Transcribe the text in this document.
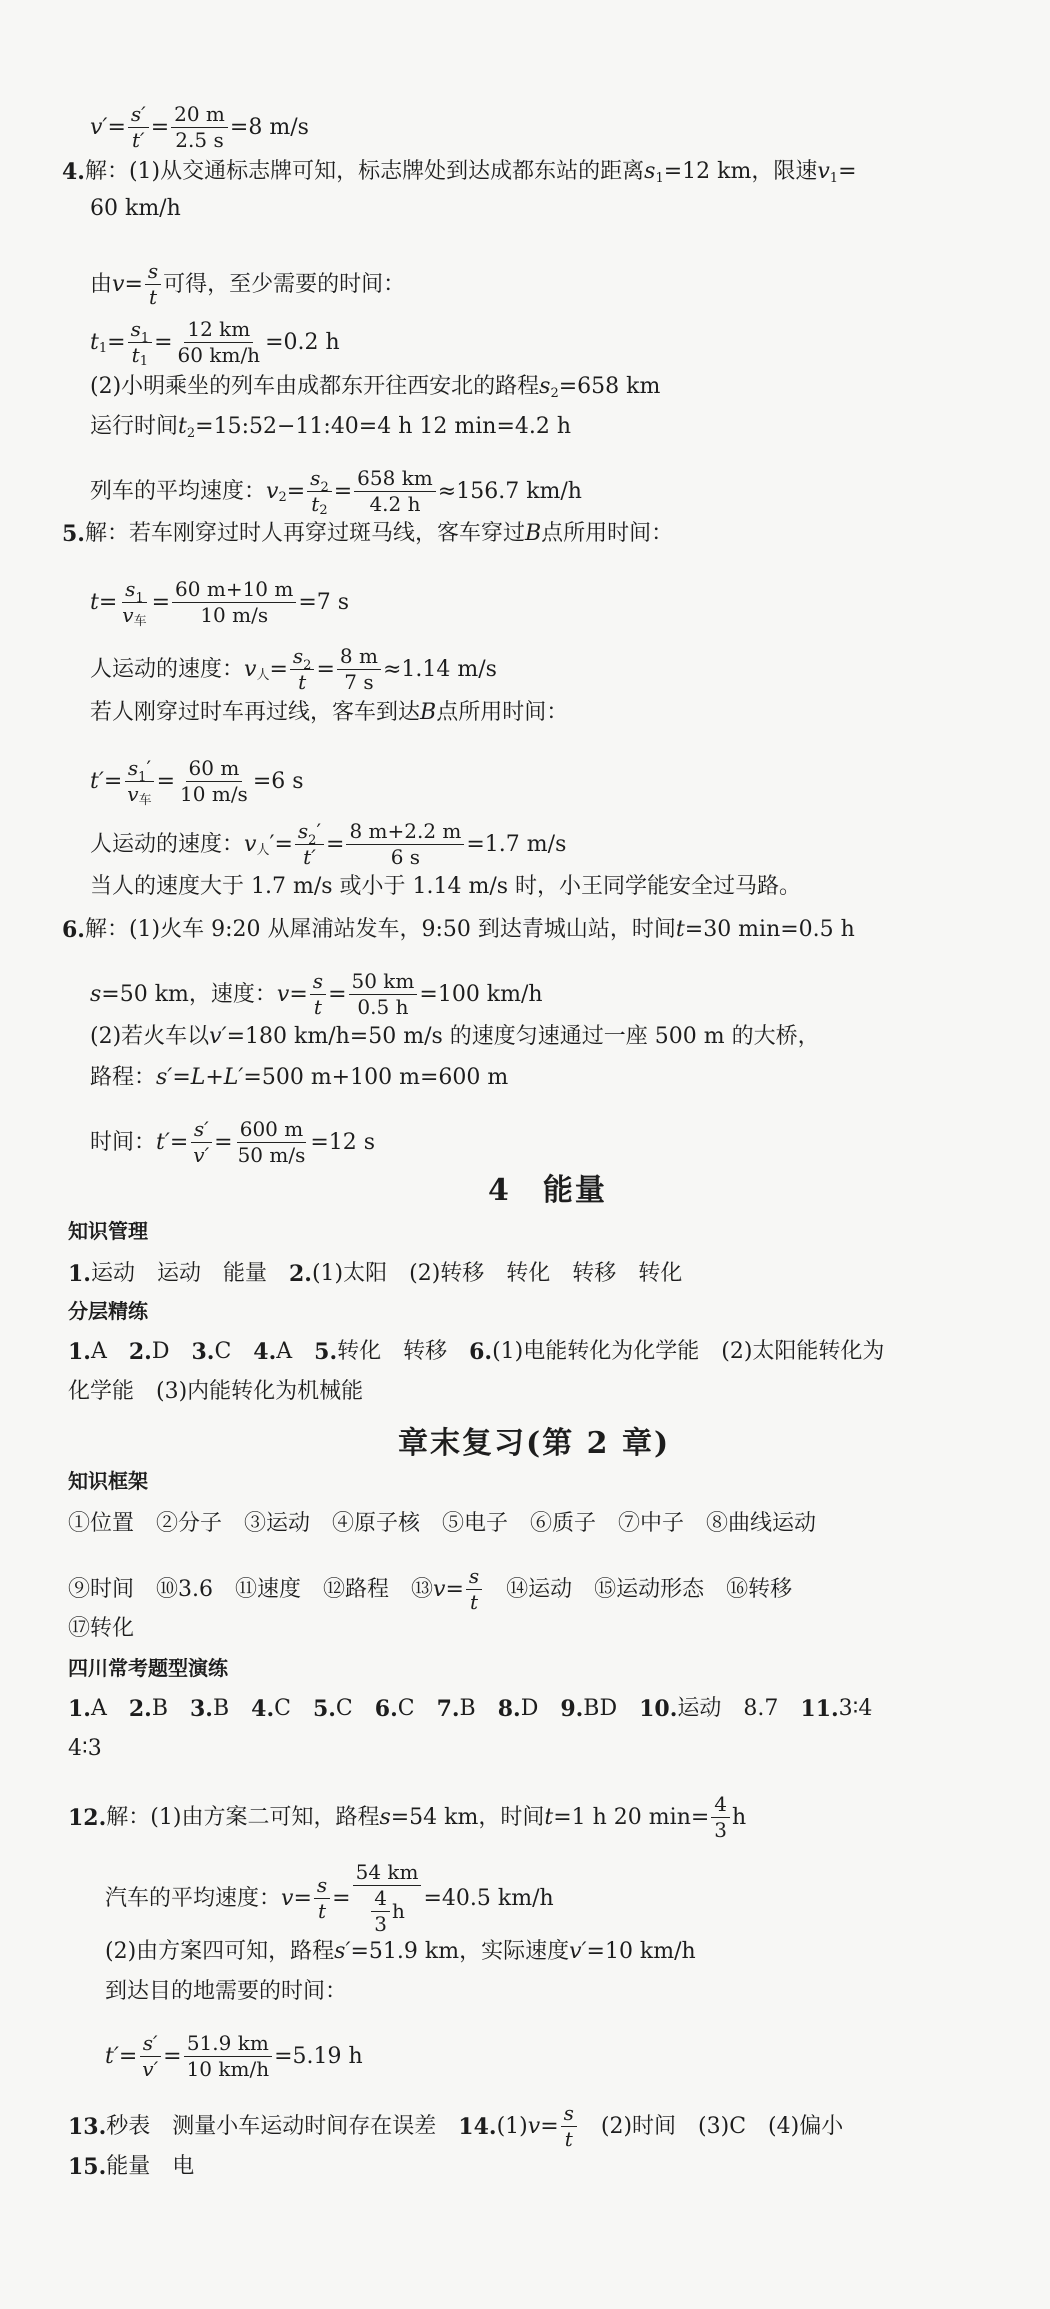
$v' = \frac{s'}{t'} = \frac{20 m}{2.5 s} =8$ m/s
4. 解：(1)从交通标志牌可知，标志牌处到达成都东站的距离 s 1 =12 km，限速 v 1 =
60 km/h
由 $v = \frac{s}{t}$ 可得，至少需要的时间：
t $1 = \frac{s_1}{t 1} = \frac{12 km}{60 km/h} =0.2$ h
(2)小明乘坐的列车由成都东开往西安北的路程 s 2 =658 km
运行时间 t 2 =15:52−11:40=4 h 12 min=4.2 h
列车的平均速度： v $2 = \frac{s_2}{t 2} = \frac{658 km}{4.2 h} \approx 156.7$ km/h
5. 解：若车刚穿过时人再穿过斑马线，客车穿过 B 点所用时间：
$t = \frac{s_1}{\text{v 车}} = \frac{60 m+10 m}{10 m/s} =7$ s
人运动的速度： v 人 = $\frac{s_2}{t} = \frac{8 m}{7 s} \approx 1.14$ m/s
若人刚穿过时车再过线，客车到达 B 点所用时间：
$t' = \frac{s_1'}{\text{v 车}} = \frac{60 m}{10 m/s} =6$ s
人运动的速度： v 人 ′= $\frac{s_2'}{t'} = \frac{8 m+2.2 m}{6 s} =1.7$ m/s
当人的速度大于 1.7 m/s 或小于 1.14 m/s 时，小王同学能安全过马路。
6. 解：(1)火车 9:20 从犀浦站发车，9:50 到达青城山站，时间 t =30 min=0.5 h
s =50 km，速度： $v = \frac{s}{t} = \frac{50 km}{0.5 h} =100$ km/h
(2)若火车以 v′ =180 km/h=50 m/s 的速度匀速通过一座 500 m 的大桥，
路程： s′ = L + L′ =500 m+100 m=600 m
时间： $t' = \frac{s'}{v'} = \frac{600 m}{50 m/s} =12$ s
4　能量
知识管理
1. 运动　运动　能量　 2. (1)太阳　(2)转移　转化　转移　转化
分层精练
1. A　 2. D　 3. C　 4. A　 5. 转化　转移　 6. (1)电能转化为化学能　(2)太阳能转化为
化学能　(3)内能转化为机械能
章末复习(第 2 章)
知识框架
①位置　②分子　③运动　④原子核　⑤电子　⑥质子　⑦中子　⑧曲线运动
⑨时间　⑩3.6　⑪速度　⑫路程　⑬ $v = \frac{s}{t}$ 　⑭运动　⑮运动形态　⑯转移
⑰转化
四川常考题型演练
1. A　 2. B　 3. B　 4. C　 5. C　 6. C　 7. B　 8. D　 9. BD　 10. 运动　8.7　 11. 3∶4
4∶3
12. 解：(1)由方案二可知，路程 s =54 km，时间 t =1 h 20 $\min= \frac{4}{3}$ h
汽车的平均速度： $v = \frac{s}{t} = \frac{54 km}{\frac{4}{3} h} =40.5$ km/h
(2)由方案四可知，路程 s′ =51.9 km，实际速度 v′ =10 km/h
到达目的地需要的时间：
$t' = \frac{s'}{v'} = \frac{51.9 km}{10 km/h} =5.19$ h
13. 秒表　测量小车运动时间存在误差　 14. (1) $v = \frac{s}{t}$ 　(2)时间　(3)C　(4)偏小
15. 能量　电
